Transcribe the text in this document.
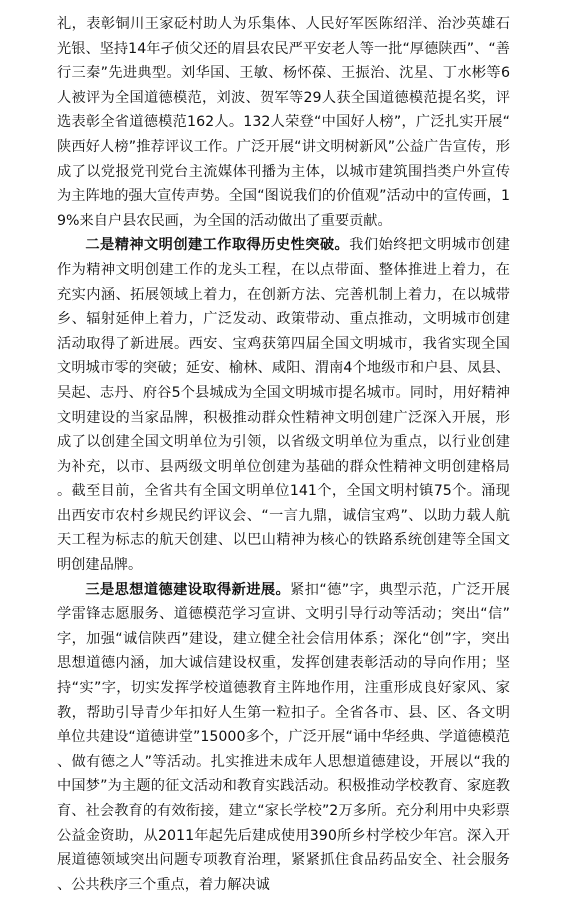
礼，表彰铜川王家砭村助人为乐集体、人民好军医陈绍洋、治沙英雄石光银、坚持14年孑侦父还的眉县农民严平安老人等一批“厚德陕西”、“善行三秦”先进典型。刘华国、王敏、杨怀葆、王振治、沈星、丁水彬等6人被评为全国道德模范，刘波、贺军等29人获全国道德模范提名奖，评选表彰全省道德模范162人。132人荣登“中国好人榜”，广泛扎实开展“陕西好人榜”推荐评议工作。广泛开展“讲文明树新风”公益广告宣传，形成了以党报党刊党台主流媒体刊播为主体，以城市建筑围挡类户外宣传为主阵地的强大宣传声势。全国“图说我们的价值观”活动中的宣传画，19%来自户县农民画，为全国的活动做出了重要贡献。

二是精神文明创建工作取得历史性突破。我们始终把文明城市创建作为精神文明创建工作的龙头工程，在以点带面、整体推进上着力，在充实内涵、拓展领域上着力，在创新方法、完善机制上着力，在以城带乡、辐射延伸上着力，广泛发动、政策带动、重点推动，文明城市创建活动取得了新进展。西安、宝鸡获第四届全国文明城市，我省实现全国文明城市零的突破；延安、榆林、咸阳、渭南4个地级市和户县、凤县、吴起、志丹、府谷5个县城成为全国文明城市提名城市。同时，用好精神文明建设的当家品牌，积极推动群众性精神文明创建广泛深入开展，形成了以创建全国文明单位为引领，以省级文明单位为重点，以行业创建为补充，以市、县两级文明单位创建为基础的群众性精神文明创建格局。截至目前，全省共有全国文明单位141个，全国文明村镇75个。涌现出西安市农村乡规民约评议会、“一言九鼎，诚信宝鸡”、以助力载人航天工程为标志的航天创建、以巴山精神为核心的铁路系统创建等全国文明创建品牌。

三是思想道德建设取得新进展。紧扣“德”字，典型示范，广泛开展学雷锋志愿服务、道德模范学习宣讲、文明引导行动等活动；突出“信”字，加强“诚信陕西”建设，建立健全社会信用体系；深化“创”字，突出思想道德内涵，加大诚信建设权重，发挥创建表彰活动的导向作用；坚持“实”字，切实发挥学校道德教育主阵地作用，注重形成良好家风、家教，帮助引导青少年扣好人生第一粒扣子。全省各市、县、区、各文明单位共建设“道德讲堂”15000多个，广泛开展“诵中华经典、学道德模范、做有德之人”等活动。扎实推进未成年人思想道德建设，开展以“我的中国梦”为主题的征文活动和教育实践活动。积极推动学校教育、家庭教育、社会教育的有效衔接，建立“家长学校”2万多所。充分利用中央彩票公益金资助，从2011年起先后建成使用390所乡村学校少年宫。深入开展道德领域突出问题专项教育治理，紧紧抓住食品药品安全、社会服务、公共秩序三个重点，着力解决诚
